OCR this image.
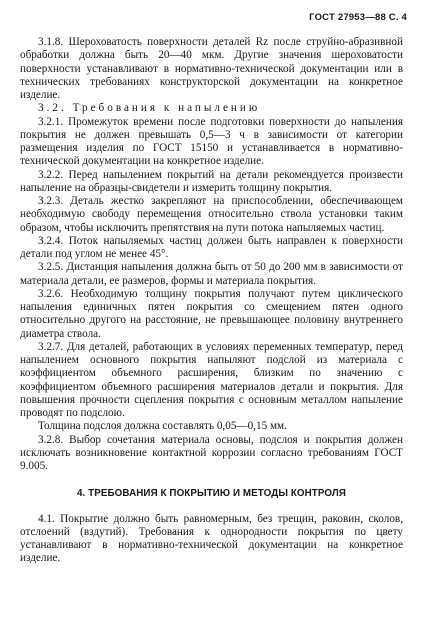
ГОСТ 27953—88 С. 4

3.1.8. Шероховатость поверхности деталей Rz после струйно-абразивной обработки должна быть 20—40 мкм. Другие значения шероховатости поверхности устанавливают в нормативно-технической документации или в технических требованиях конструкторской документации на конкретное изделие.

3.2. Требования к напылению

3.2.1. Промежуток времени после подготовки поверхности до напыления покрытия не должен превышать 0,5—3 ч в зависимости от категории размещения изделия по ГОСТ 15150 и устанавливается в нормативно-технической документации на конкретное изделие.

3.2.2. Перед напылением покрытий на детали рекомендуется произвести напыление на образцы-свидетели и измерить толщину покрытия.

3.2.3. Деталь жестко закрепляют на приспособлении, обеспечивающем необходимую свободу перемещения относительно ствола установки таким образом, чтобы исключить препятствия на пути потока напыляемых частиц.

3.2.4. Поток напыляемых частиц должен быть направлен к поверхности детали под углом не менее 45°.

3.2.5. Дистанция напыления должна быть от 50 до 200 мм в зависимости от материала детали, ее размеров, формы и материала покрытия.

3.2.6. Необходимую толщину покрытия получают путем циклического напыления единичных пятен покрытия со смещением пятен одного относительно другого на расстояние, не превышающее половину внутреннего диаметра ствола.

3.2.7. Для деталей, работающих в условиях переменных температур, перед напылением основного покрытия напыляют подслой из материала с коэффициентом объемного расширения, близким по значению с коэффициентом объемного расширения материалов детали и покрытия. Для повышения прочности сцепления покрытия с основным металлом напыление проводят по подслою.

Толщина подслоя должна составлять 0,05—0,15 мм.

3.2.8. Выбор сочетания материала основы, подслоя и покрытия должен исключать возникновение контактной коррозии согласно требованиям ГОСТ 9.005.

4. ТРЕБОВАНИЯ К ПОКРЫТИЮ И МЕТОДЫ КОНТРОЛЯ

4.1. Покрытие должно быть равномерным, без трещин, раковин, сколов, отслоений (вздутий). Требования к однородности покрытия по цвету устанавливают в нормативно-технической документации на конкретное изделие.
